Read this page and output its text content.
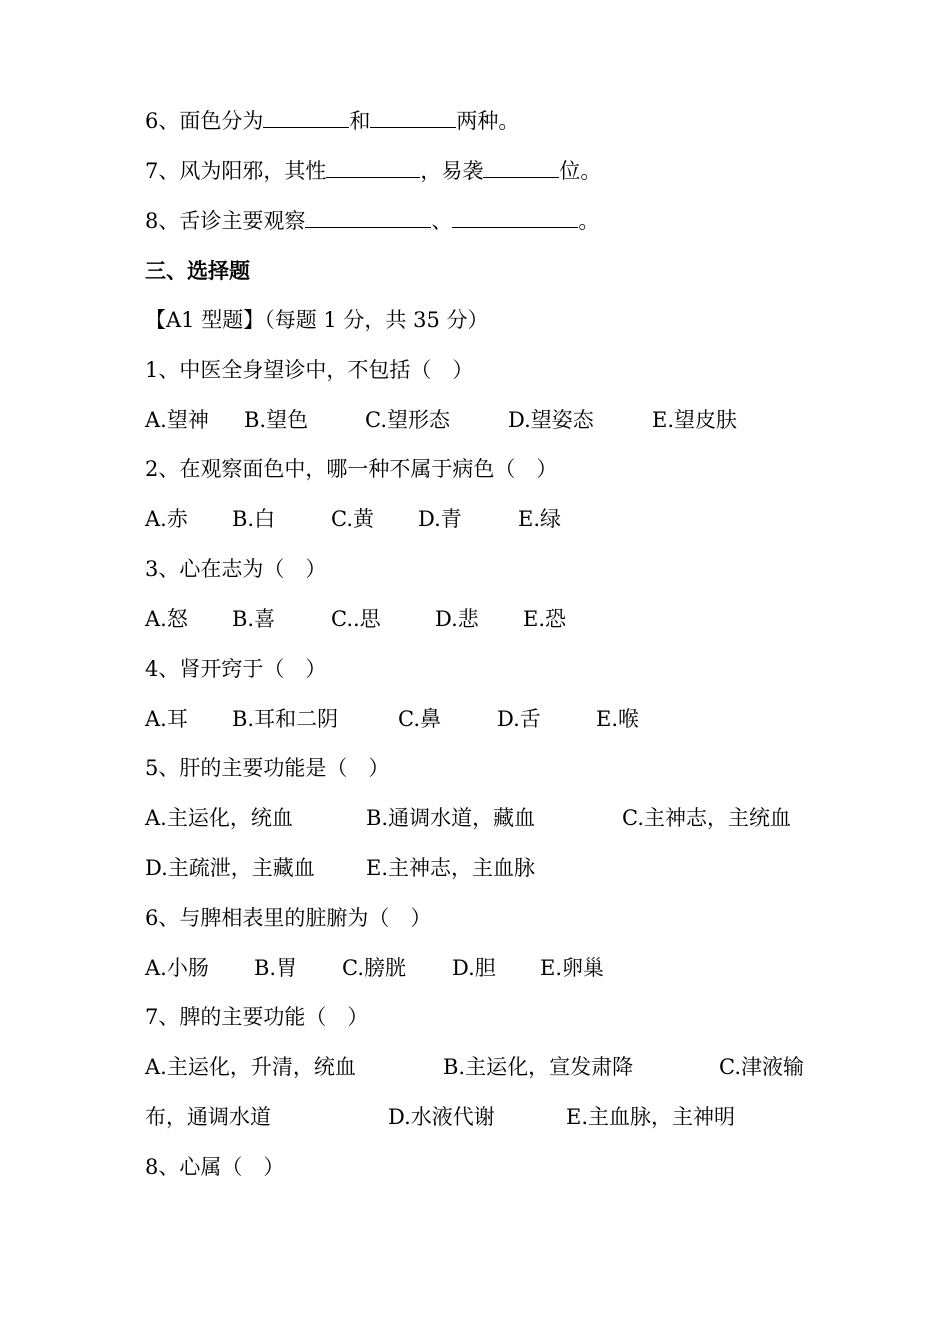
6、面色分为	和	两种。
7、风为阳邪，其性	，易袭	位。
8、舌诊主要观察	、	。
三、选择题
【A1 型题】（每题 1 分，共 35 分）
1、中医全身望诊中，不包括（　）
A.望神 B.望色	C.望形态	D.望姿态	E.望皮肤
2、在观察面色中，哪一种不属于病色（　）
A.赤 B.白	C.黄 D.青	E.绿
3、心在志为（　）
A.怒 B.喜	C..思	D.悲 E.恐
4、肾开窍于（　）
A.耳 B.耳和二阴	C.鼻	D.舌	E.喉
5、肝的主要功能是（　）
A.主运化，统血	B.通调水道，藏血	C.主神志，主统血
D.主疏泄，主藏血 E.主神志，主血脉
6、与脾相表里的脏腑为（　）
A.小肠 B.胃 C.膀胱 D.胆 E.卵巢
7、脾的主要功能（　）
A.主运化，升清，统血	B.主运化，宣发肃降	C.津液输
布，通调水道	D.水液代谢	E.主血脉，主神明
8、心属（　）
